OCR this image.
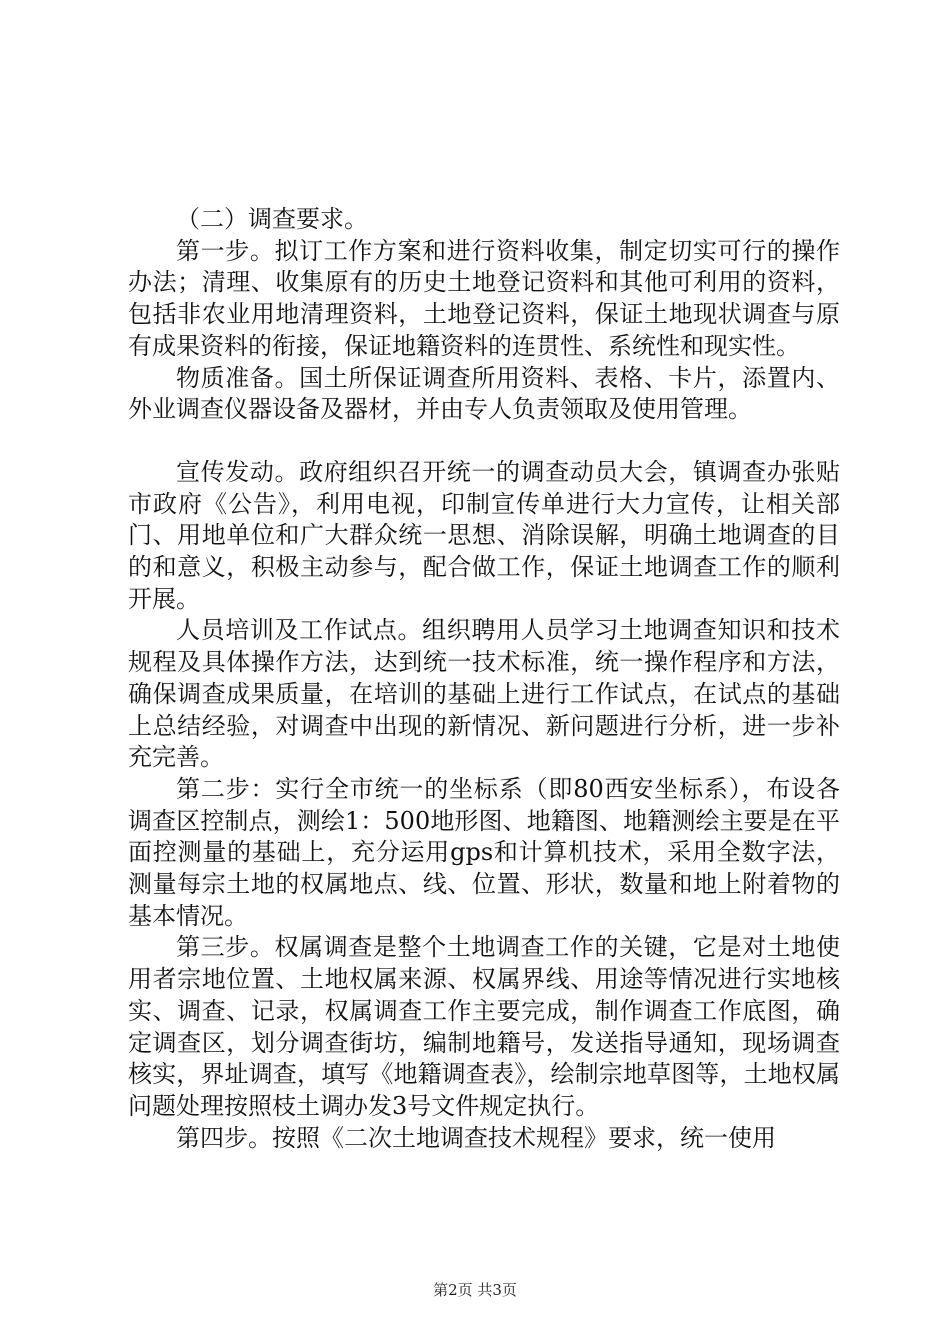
（二）调查要求。

第一步。拟订工作方案和进行资料收集，制定切实可行的操作办法；清理、收集原有的历史土地登记资料和其他可利用的资料，包括非农业用地清理资料，土地登记资料，保证土地现状调查与原有成果资料的衔接，保证地籍资料的连贯性、系统性和现实性。

物质准备。国土所保证调查所用资料、表格、卡片，添置内、外业调查仪器设备及器材，并由专人负责领取及使用管理。

宣传发动。政府组织召开统一的调查动员大会，镇调查办张贴市政府《公告》，利用电视，印制宣传单进行大力宣传，让相关部门、用地单位和广大群众统一思想、消除误解，明确土地调查的目的和意义，积极主动参与，配合做工作，保证土地调查工作的顺利开展。

人员培训及工作试点。组织聘用人员学习土地调查知识和技术规程及具体操作方法，达到统一技术标准，统一操作程序和方法，确保调查成果质量，在培训的基础上进行工作试点，在试点的基础上总结经验，对调查中出现的新情况、新问题进行分析，进一步补充完善。

第二步：实行全市统一的坐标系（即80西安坐标系），布设各调查区控制点，测绘1：500地形图、地籍图、地籍测绘主要是在平面控测量的基础上，充分运用gps和计算机技术，采用全数字法，测量每宗土地的权属地点、线、位置、形状，数量和地上附着物的基本情况。

第三步。权属调查是整个土地调查工作的关键，它是对土地使用者宗地位置、土地权属来源、权属界线、用途等情况进行实地核实、调查、记录，权属调查工作主要完成，制作调查工作底图，确定调查区，划分调查街坊，编制地籍号，发送指导通知，现场调查核实，界址调查，填写《地籍调查表》，绘制宗地草图等，土地权属问题处理按照枝土调办发3号文件规定执行。

第四步。按照《二次土地调查技术规程》要求，统一使用

第2页 共3页
